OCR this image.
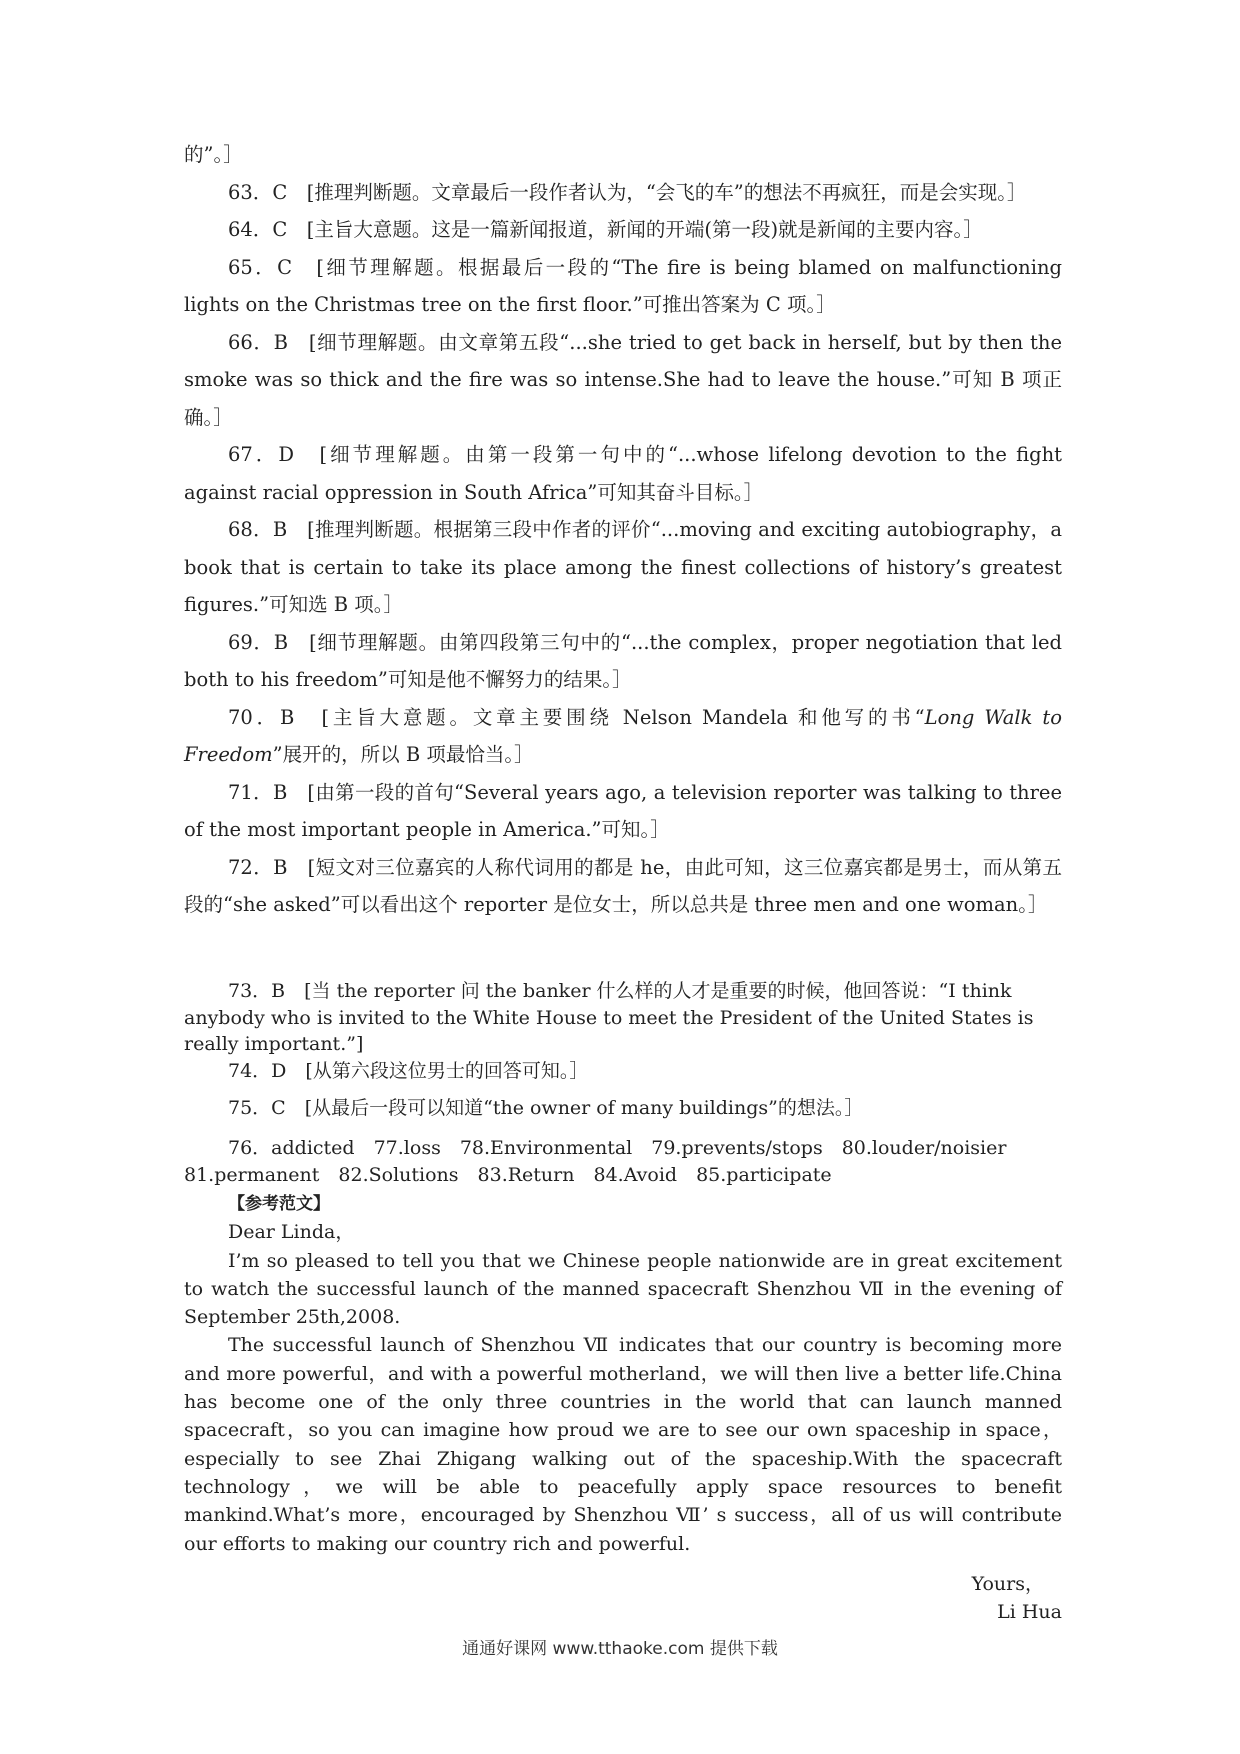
的”。］

63．C　[推理判断题。文章最后一段作者认为，“会飞的车”的想法不再疯狂，而是会实现。］

64．C　[主旨大意题。这是一篇新闻报道，新闻的开端(第一段)就是新闻的主要内容。］

65．C　[细节理解题。根据最后一段的“The fire is being blamed on malfunctioning lights on the Christmas tree on the first floor.”可推出答案为 C 项。］

66．B　[细节理解题。由文章第五段“...she tried to get back in herself, but by then the smoke was so thick and the fire was so intense.She had to leave the house.”可知 B 项正确。］

67．D　[细节理解题。由第一段第一句中的“...whose lifelong devotion to the fight against racial oppression in South Africa”可知其奋斗目标。］

68．B　[推理判断题。根据第三段中作者的评价“...moving and exciting autobiography，a book that is certain to take its place among the finest collections of history’s greatest figures.”可知选 B 项。］

69．B　[细节理解题。由第四段第三句中的“...the complex，proper negotiation that led both to his freedom”可知是他不懈努力的结果。］

70．B　[主旨大意题。文章主要围绕 Nelson Mandela 和他写的书“Long Walk to Freedom”展开的，所以 B 项最恰当。］

71．B　[由第一段的首句“Several years ago, a television reporter was talking to three of the most important people in America.”可知。］

72．B　[短文对三位嘉宾的人称代词用的都是 he，由此可知，这三位嘉宾都是男士，而从第五段的“she asked”可以看出这个 reporter 是位女士，所以总共是 three men and one woman。］

73．B　[当 the reporter 问 the banker 什么样的人才是重要的时候，他回答说：“I think anybody who is invited to the White House to meet the President of the United States is really important.”]

74．D　[从第六段这位男士的回答可知。］

75．C　[从最后一段可以知道“the owner of many buildings”的想法。］

76．addicted　77.loss　78.Environmental　79.prevents/stops　80.louder/noisier 81.permanent　82.Solutions　83.Return　84.Avoid　85.participate

【参考范文】

Dear Linda，

I’m so pleased to tell you that we Chinese people nationwide are in great excitement to watch the successful launch of the manned spacecraft Shenzhou Ⅶ in the evening of September 25th,2008.

The successful launch of Shenzhou Ⅶ indicates that our country is becoming more and more powerful，and with a powerful motherland，we will then live a better life.China has become one of the only three countries in the world that can launch manned spacecraft，so you can imagine how proud we are to see our own spaceship in space，especially to see Zhai Zhigang walking out of the spaceship.With the spacecraft technology，we will be able to peacefully apply space resources to benefit mankind.What’s more，encouraged by Shenzhou Ⅶ’ s success，all of us will contribute our efforts to making our country rich and powerful.

Yours，

Li Hua

通通好课网 www.tthaoke.com 提供下载
